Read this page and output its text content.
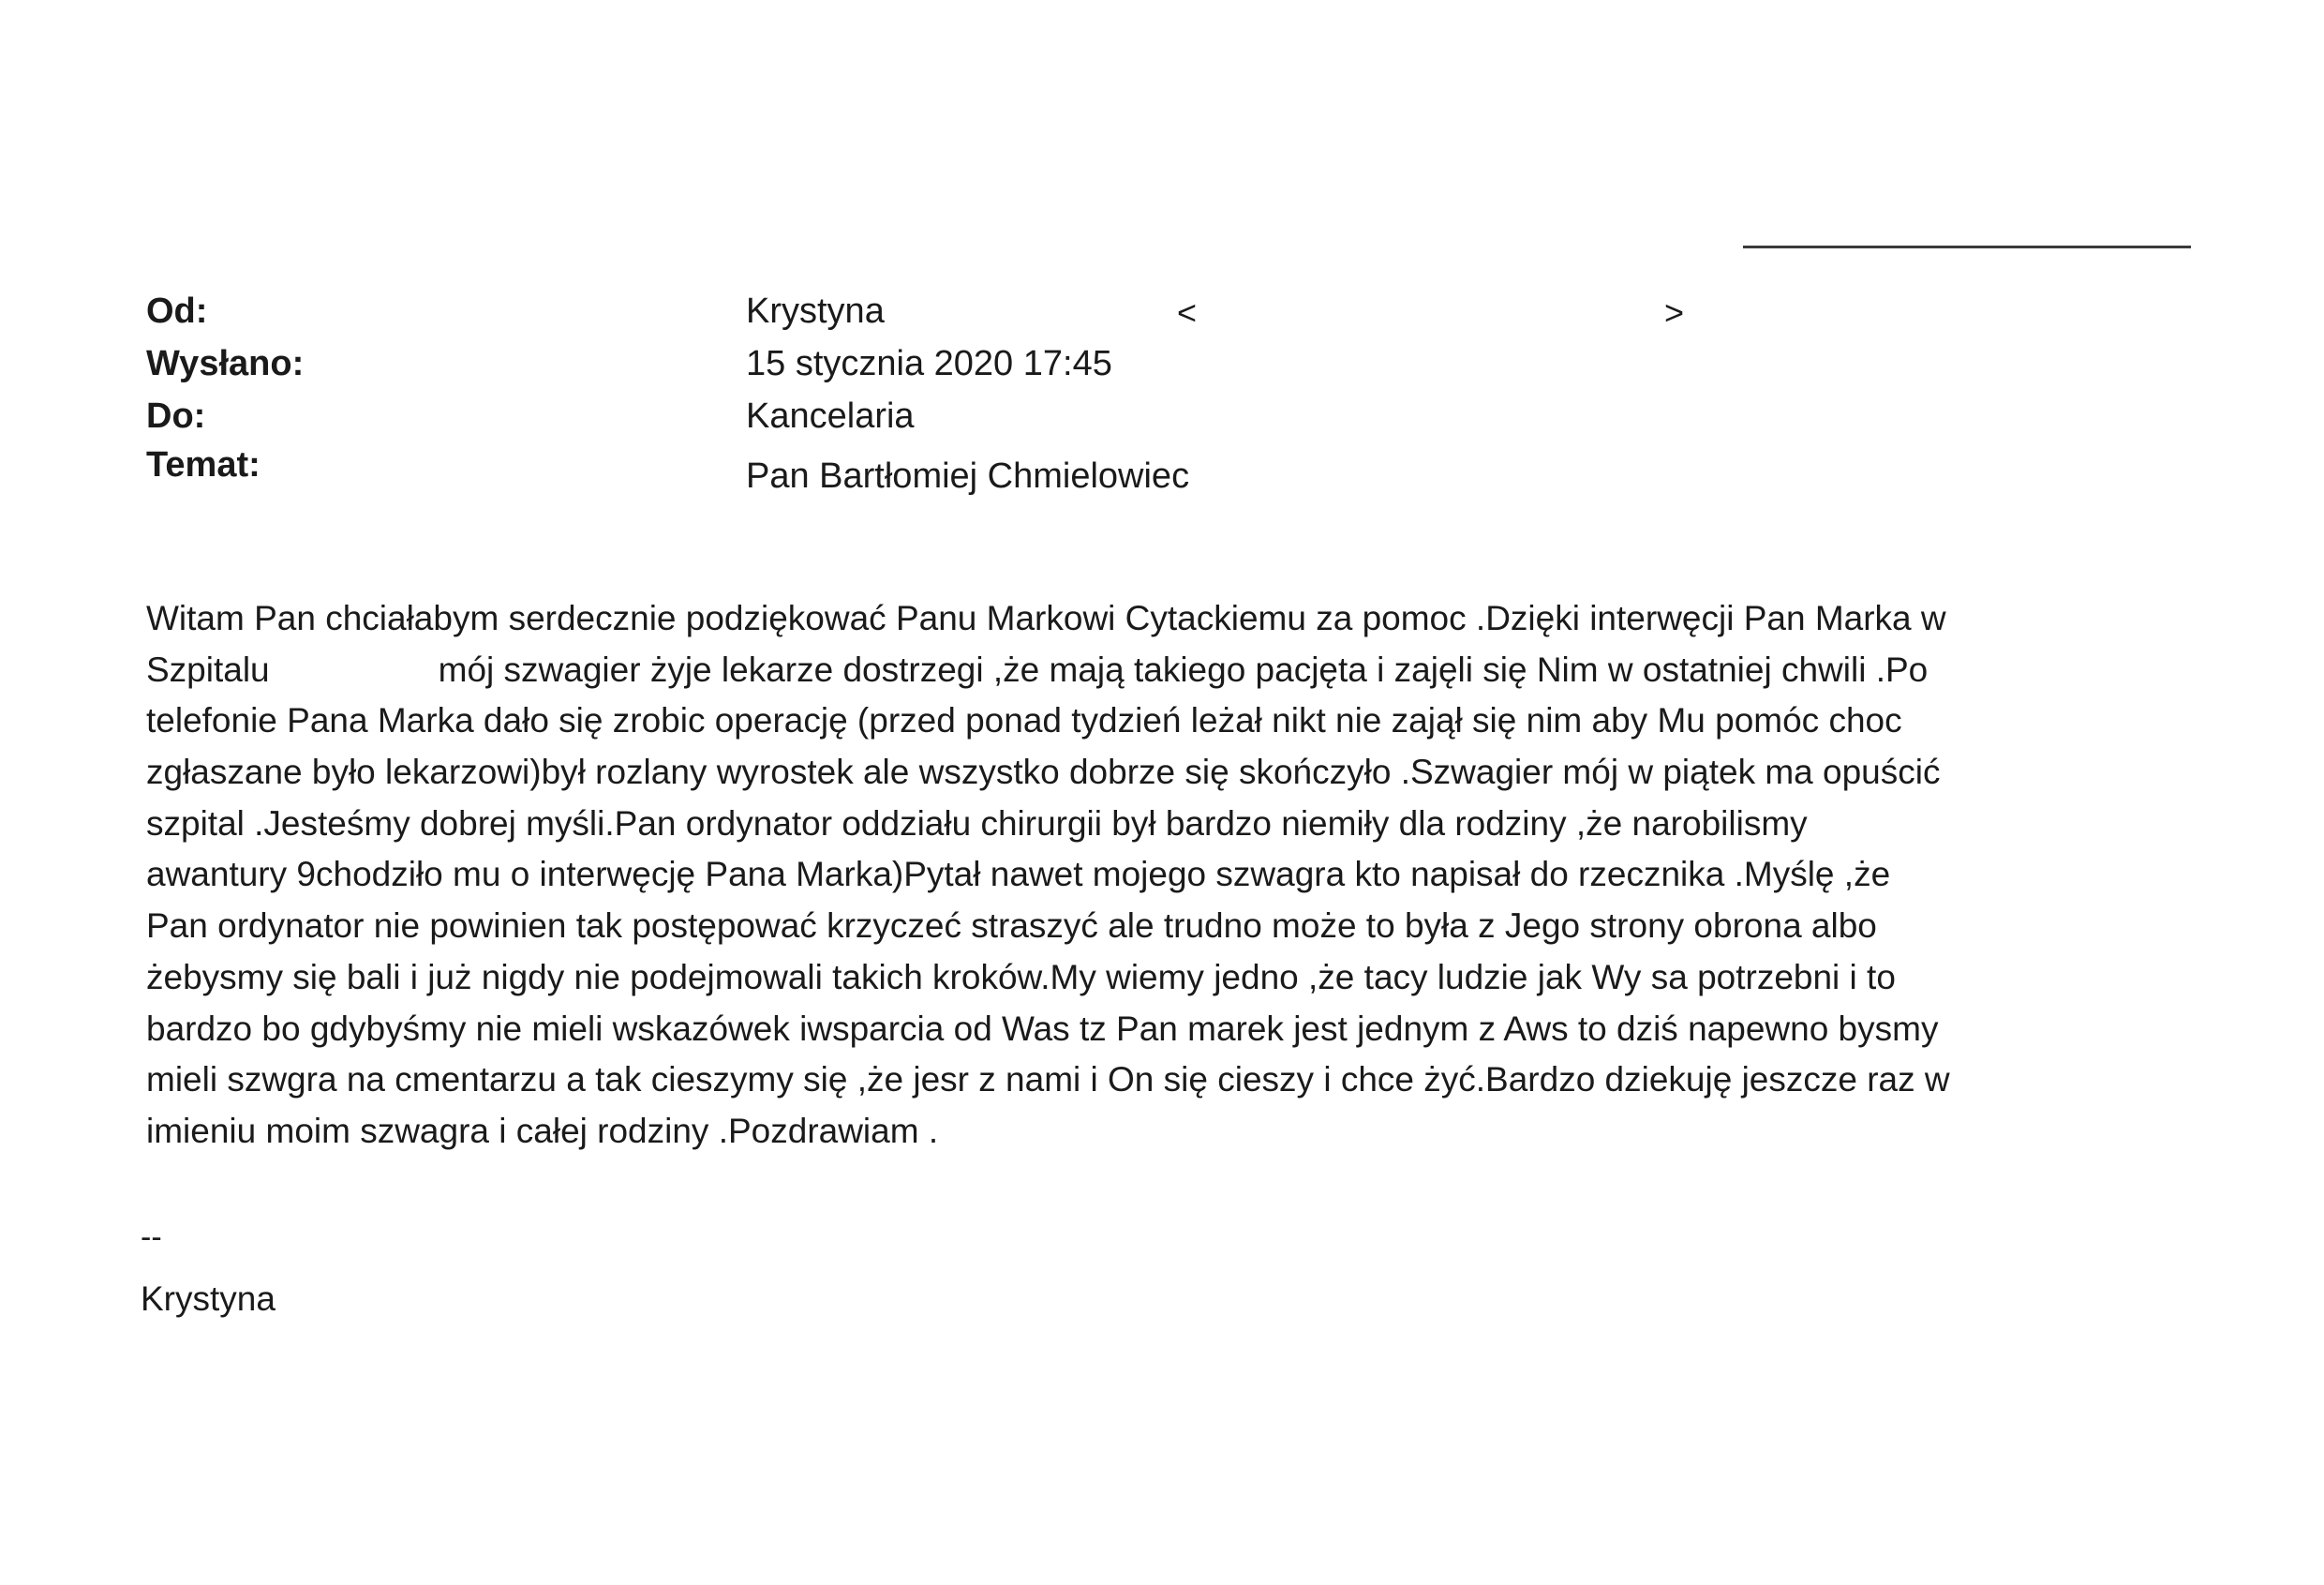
Od:	Krystyna	<	>
Wysłano:	15 stycznia 2020 17:45
Do:	Kancelaria
Temat:	Pan Bartłomiej Chmielowiec
Witam Pan chciałabym serdecznie podziękować Panu Markowi Cytackiemu za pomoc .Dzięki interwęcji Pan Marka w
Szpitalu	mój szwagier żyje lekarze dostrzegi ,że mają takiego pacjęta i zajęli się Nim w ostatniej chwili .Po
telefonie Pana Marka dało się zrobic operację (przed ponad tydzień leżał nikt nie zajął się nim aby Mu pomóc choc
zgłaszane było lekarzowi)był rozlany wyrostek ale wszystko dobrze się skończyło .Szwagier mój w piątek ma opuścić
szpital .Jesteśmy dobrej myśli.Pan ordynator oddziału chirurgii był bardzo niemiły dla rodziny ,że narobilismy
awantury 9chodziło mu o interwęcję Pana Marka)Pytał nawet mojego szwagra kto napisał do rzecznika .Myślę ,że
Pan ordynator nie powinien tak postępować krzyczeć straszyć ale trudno może to była z Jego strony obrona albo
żebysmy się bali i już nigdy nie podejmowali takich kroków.My wiemy jedno ,że tacy ludzie jak Wy sa potrzebni i to
bardzo bo gdybyśmy nie mieli wskazówek iwsparcia od Was tz Pan marek jest jednym z Aws to dziś napewno bysmy
mieli szwgra na cmentarzu a tak cieszymy się ,że jesr z nami i On się cieszy i chce żyć.Bardzo dziekuję jeszcze raz w
imieniu moim szwagra i całej rodziny .Pozdrawiam .
--
Krystyna
